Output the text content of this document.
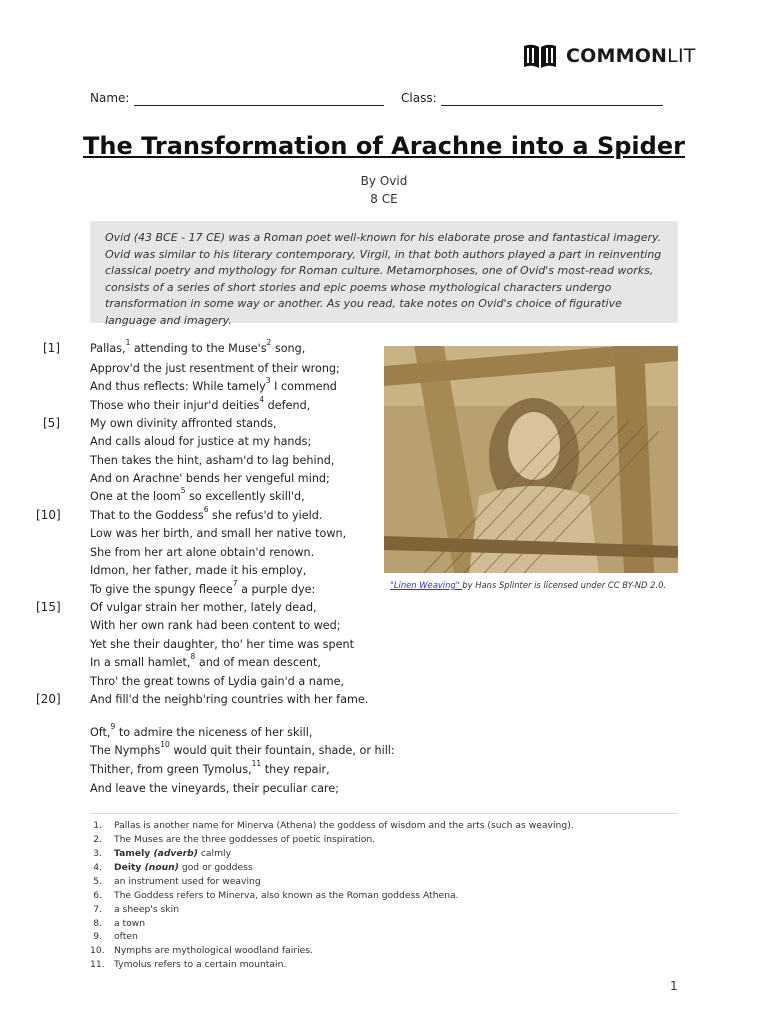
COMMONLIT
Name:	Class:
The Transformation of Arachne into a Spider
By Ovid
8 CE
Ovid (43 BCE - 17 CE) was a Roman poet well-known for his elaborate prose and fantastical imagery. Ovid was similar to his literary contemporary, Virgil, in that both authors played a part in reinventing classical poetry and mythology for Roman culture. Metamorphoses, one of Ovid's most-read works, consists of a series of short stories and epic poems whose mythological characters undergo transformation in some way or another. As you read, take notes on Ovid's choice of figurative language and imagery.
"Linen Weaving" by Hans Splinter is licensed under CC BY-ND 2.0.
1
[1]	Pallas,$^1$ attending to the $Muse's^2$ song,
Approv'd the just resentment of their wrong;
And thus reflects: While tamely$^3$ I commend
Those who their injur'd deities$^4$ defend,
[5]	My own divinity affronted stands,
And calls aloud for justice at my hands;
Then takes the hint, asham'd to lag behind,
And on Arachne' bends her vengeful mind;
One at the loom$^5$ so excellently skill'd,
[10]	That to the Goddess$^6$ she refus'd to yield.
Low was her birth, and small her native town,
She from her art alone obtain'd renown.
Idmon, her father, made it his employ,
To give the spungy fleece$^7$ a purple dye:
[15]	Of vulgar strain her mother, lately dead,
With her own rank had been content to wed;
Yet she their daughter, tho' her time was spent
In a small hamlet,$^8$ and of mean descent,
Thro' the great towns of Lydia gain'd a name,
[20]	And fill'd the neighb'ring countries with her fame.
Oft,$^9$ to admire the niceness of her skill,
The Nymphs$^{10}$ would quit their fountain, shade, or hill:
Thither, from green Tymolus,$^{11}$ they repair,
And leave the vineyards, their peculiar care;
1. Pallas is another name for Minerva (Athena) the goddess of wisdom and the arts (such as weaving).
2. The Muses are the three goddesses of poetic inspiration.
3. Tamely (adverb) calmly
4. Deity (noun) god or goddess
5. an instrument used for weaving
6. The Goddess refers to Minerva, also known as the Roman goddess Athena.
7. a sheep's skin
8. a town
9. often
10. Nymphs are mythological woodland fairies.
11. Tymolus refers to a certain mountain.
